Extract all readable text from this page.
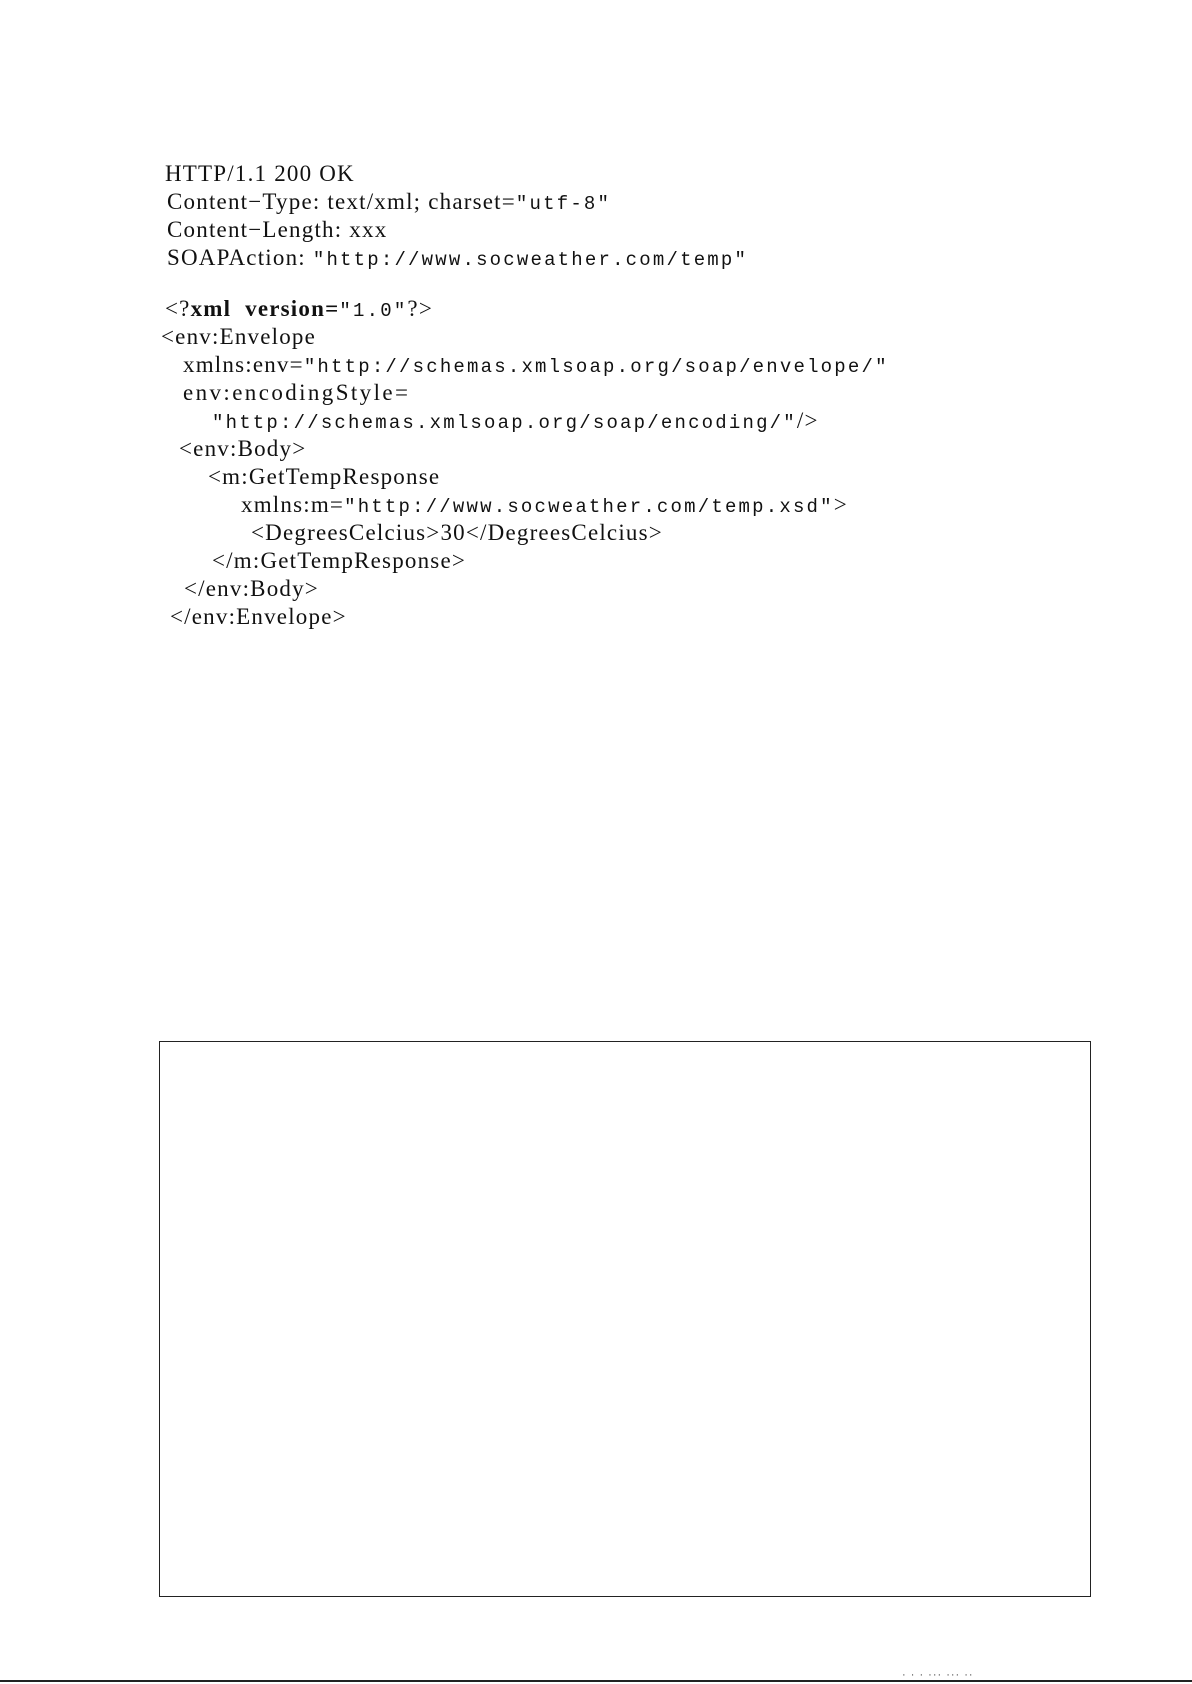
HTTP/1.1 200 OK
Content−Type: text/xml; charset="utf-8"
Content−Length: xxx
SOAPAction: "http://www.socweather.com/temp"
<?xml  version="1.0"?>
<env:Envelope
xmlns:env="http://schemas.xmlsoap.org/soap/envelope/"
env:encodingStyle=
"http://schemas.xmlsoap.org/soap/encoding/"/>
<env:Body>
<m:GetTempResponse
xmlns:m="http://www.socweather.com/temp.xsd">
<DegreesCelcius>30</DegreesCelcius>
</m:GetTempResponse>
</env:Body>
</env:Envelope>
· · · ··· ··· ··
